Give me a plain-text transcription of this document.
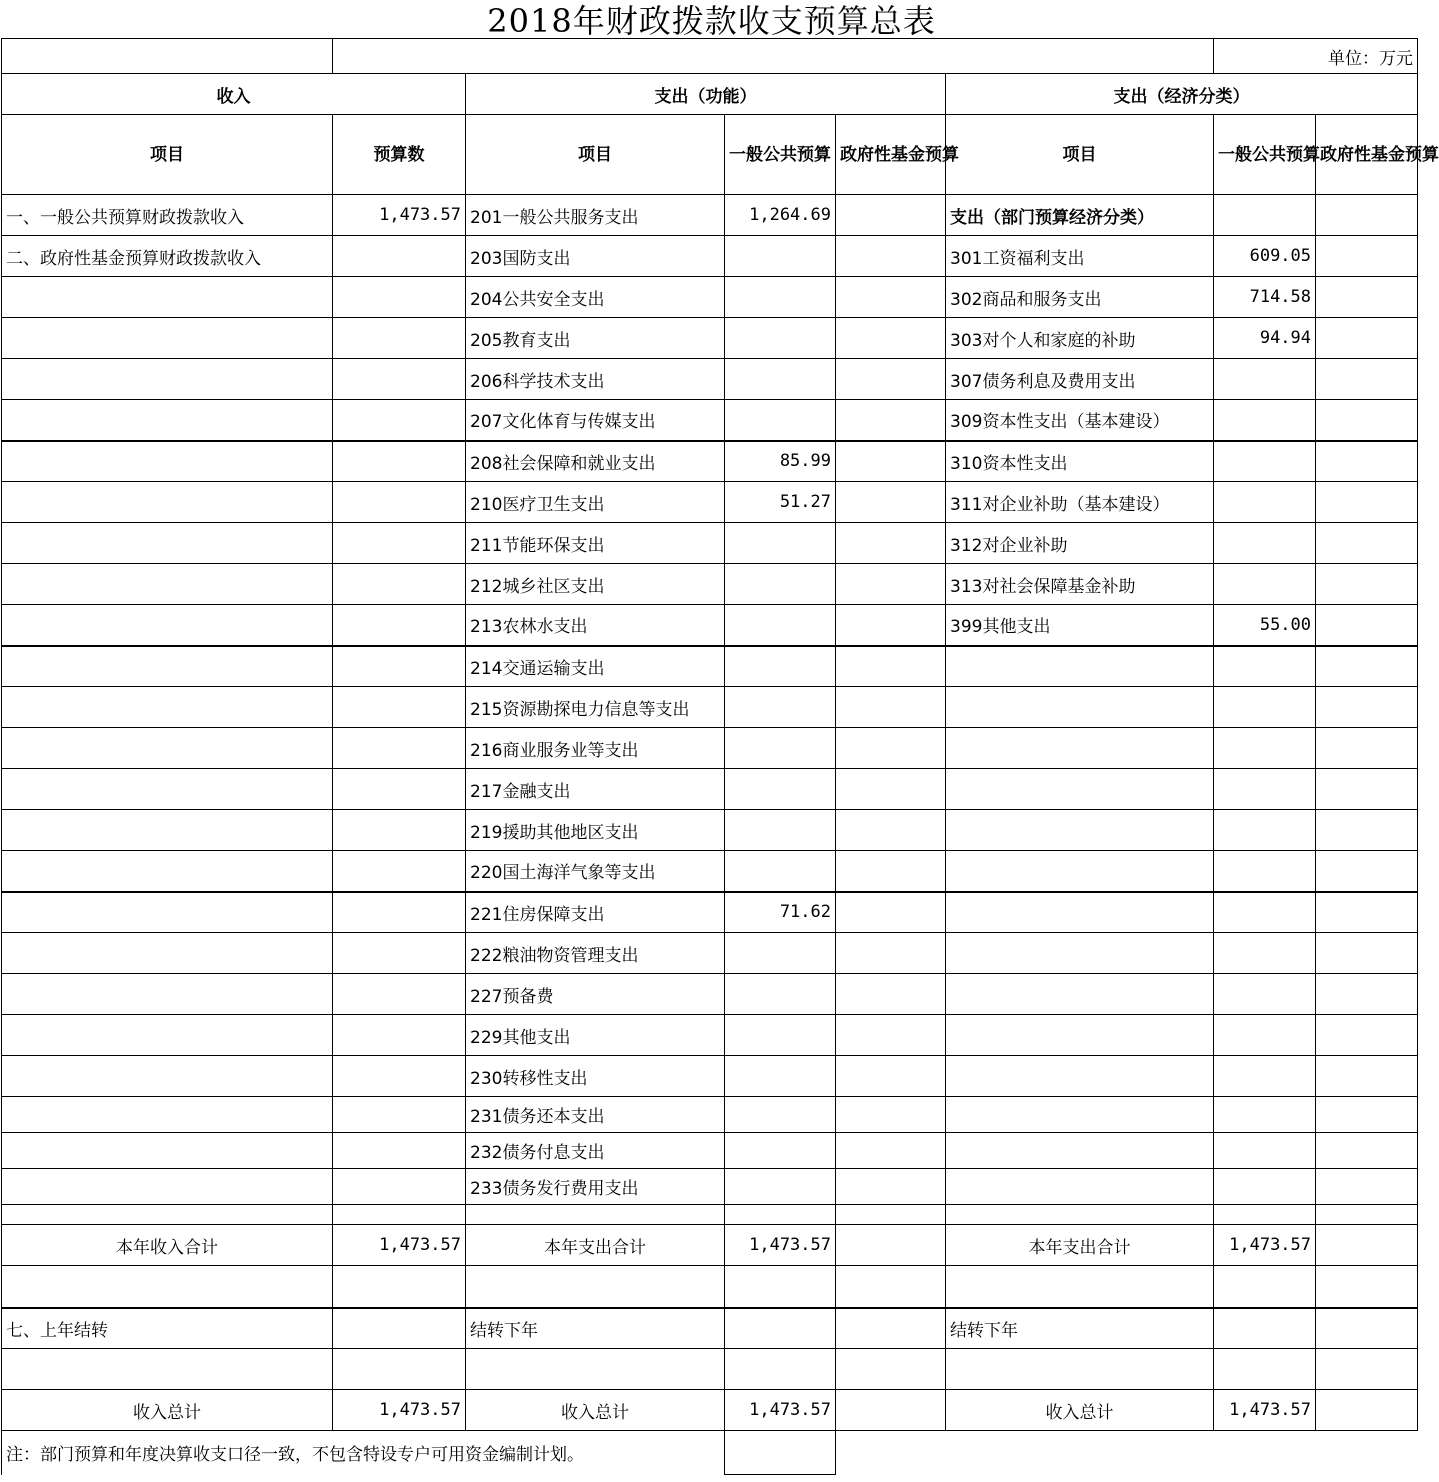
2018年财政拨款收支预算总表
						单位：万元	
收入		支出（功能）			支出（经济分类）		
项目	预算数	项目	一般公共预算	政府性基金预算	项目	一般公共预算	政府性基金预算
一、一般公共预算财政拨款收入	1,473.57	201一般公共服务支出	1,264.69		支出（部门预算经济分类）		
二、政府性基金预算财政拨款收入		203国防支出			301工资福利支出	609.05	
		204公共安全支出			302商品和服务支出	714.58	
		205教育支出			303对个人和家庭的补助	94.94	
		206科学技术支出			307债务利息及费用支出		
		207文化体育与传媒支出			309资本性支出（基本建设）		
		208社会保障和就业支出	85.99		310资本性支出		
		210医疗卫生支出	51.27		311对企业补助（基本建设）		
		211节能环保支出			312对企业补助		
		212城乡社区支出			313对社会保障基金补助		
		213农林水支出			399其他支出	55.00	
		214交通运输支出					
		215资源勘探电力信息等支出					
		216商业服务业等支出					
		217金融支出					
		219援助其他地区支出					
		220国土海洋气象等支出					
		221住房保障支出	71.62				
		222粮油物资管理支出					
		227预备费					
		229其他支出					
		230转移性支出					
		231债务还本支出					
		232债务付息支出					
		233债务发行费用支出					

本年收入合计	1,473.57	本年支出合计	1,473.57		本年支出合计	1,473.57	

七、上年结转		结转下年			结转下年		

收入总计	1,473.57	收入总计	1,473.57		收入总计	1,473.57	
注：部门预算和年度决算收支口径一致，不包含特设专户可用资金编制计划。							
